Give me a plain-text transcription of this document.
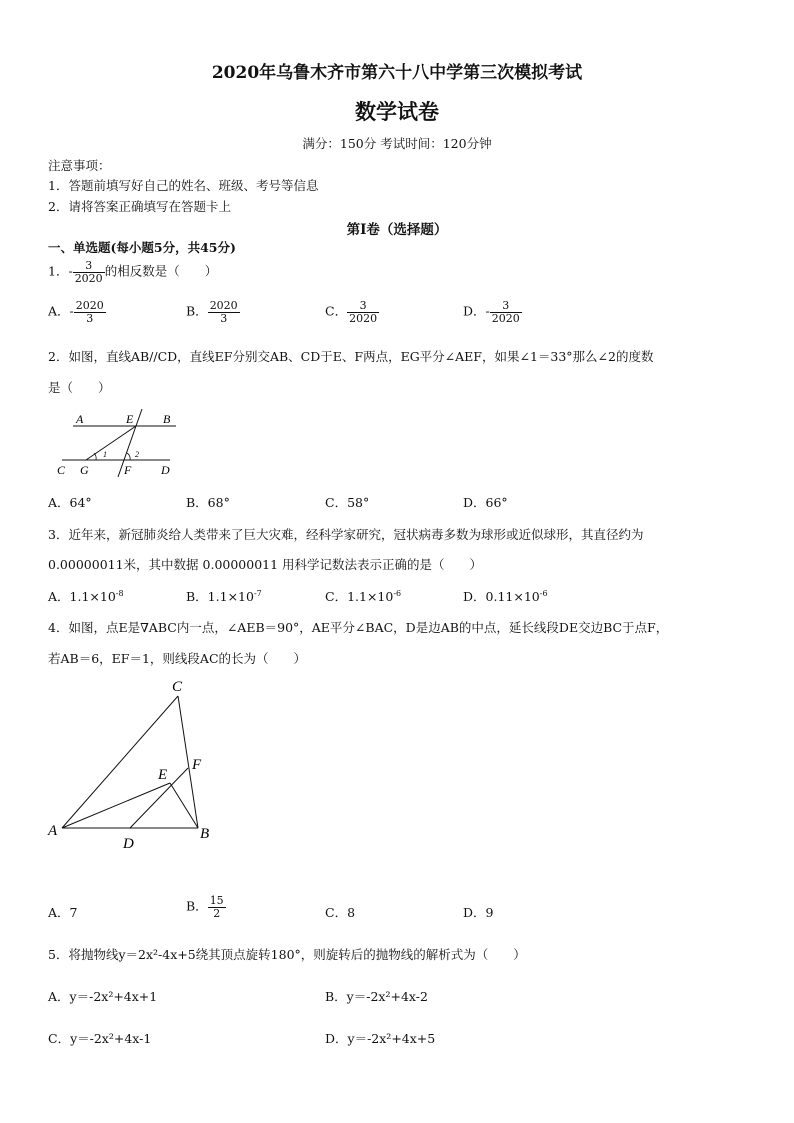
2020年乌鲁木齐市第六十八中学第三次模拟考试
数学试卷
满分：150分 考试时间：120分钟
注意事项：
1．答题前填写好自己的姓名、班级、考号等信息
2．请将答案正确填写在答题卡上
第I卷（选择题）
一、单选题(每小题5分，共45分)
1．- $\frac{3}{2020}$ 的相反数是（　　）
A．- $\frac{2020}{3}$	B． $\frac{2020}{3}$	C． $\frac{3}{2020}$	D．- $\frac{3}{2020}$
2．如图，直线AB//CD，直线EF分别交AB、CD于E、F两点，EG平分∠AEF，如果∠1＝33°那么∠2的度数
是（　　）
A	E B
C G	F D
1	2
A．64°	B．68°	C．58°	D．66°
3．近年来，新冠肺炎给人类带来了巨大灾难，经科学家研究，冠状病毒多数为球形或近似球形，其直径约为
0.00000011米，其中数据 0.00000011 用科学记数法表示正确的是（　　）
A．$1.1\times 10^{-8}$	B．$1.1\times 10^{-7}$	C．$1.1\times 10^{-6}$	D．$0.11\times 10^{-6}$
4．如图，点E是∇ABC内一点，∠AEB＝90°，AE平分∠BAC，D是边AB的中点，延长线段DE交边BC于点F，
若AB＝6，EF＝1，则线段AC的长为（　　）
A	B
C
D
E
F
A．7	B． $\frac{15}{2}$	C．8	D．9
5．将抛物线y＝2x²-4x+5绕其顶点旋转180°，则旋转后的抛物线的解析式为（　　）
A．y＝-2x²+4x+1	B．y＝-2x²+4x-2
C．y＝-2x²+4x-1	D．y＝-2x²+4x+5
